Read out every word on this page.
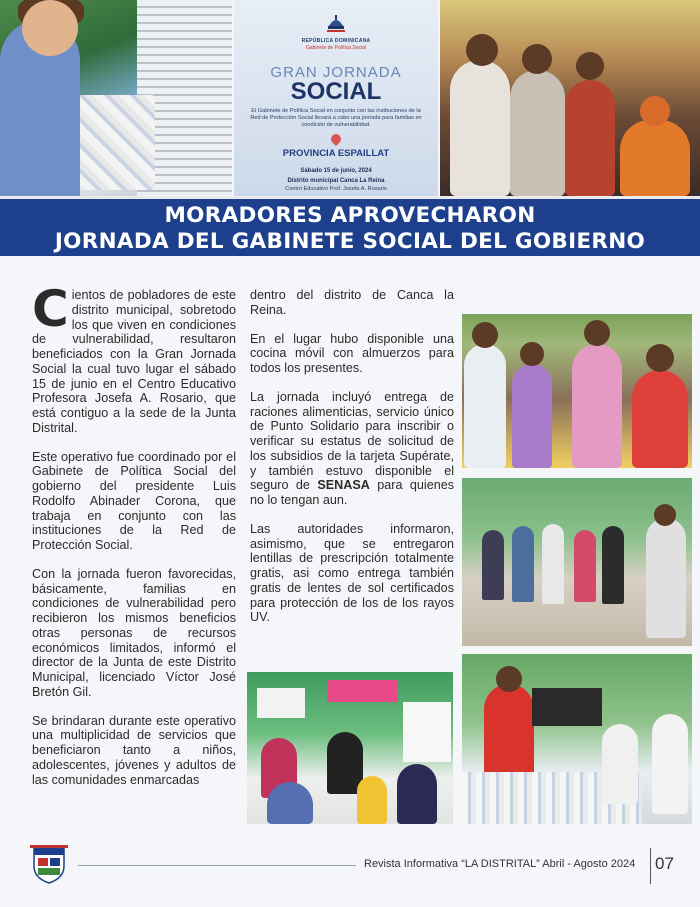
REPÚBLICA DOMINICANA
Gabinete de Política Social
GRAN JORNADA
SOCIAL
El Gabinete de Política Social en conjunto con las instituciones de la Red de Protección Social llevará a cabo una jornada para familias en condición de vulnerabilidad.
PROVINCIA ESPAILLAT
Sábado 15 de junio, 2024
Distrito municipal Canca La Reina
Centro Educativo Prof. Josefa A. Rosario
MORADORES APROVECHARON
JORNADA DEL GABINETE SOCIAL DEL GOBIERNO

Cientos de pobladores de este distrito municipal, sobretodo los que viven en condiciones de vulnerabilidad, resultaron beneficiados con la Gran Jornada Social la cual tuvo lugar el sábado 15 de junio en el Centro Educativo Profesora Josefa A. Rosario, que está contiguo a la sede de la Junta Distrital.

Este operativo fue coordinado por el Gabinete de Política Social del gobierno del presidente Luis Rodolfo Abinader Corona, que trabaja en conjunto con las instituciones de la Red de Protección Social.

Con la jornada fueron favorecidas, básicamente, familias en condiciones de vulnerabilidad pero recibieron los mismos beneficios otras personas de recursos económicos limitados, informó el director de la Junta de este Distrito Municipal, licenciado Víctor José Bretón Gil.

Se brindaran durante este operativo una multiplicidad de servicios que beneficiaron tanto a niños, adolescentes, jóvenes y adultos de las comunidades enmarcadas

dentro del distrito de Canca la Reina.

En el lugar hubo disponible una cocina móvil con almuerzos para todos los presentes.

La jornada incluyó entrega de raciones alimenticias, servicio único de Punto Solidario para inscribir o verificar su estatus de solicitud de los subsidios de la tarjeta Supérate, y también estuvo disponible el seguro de SENASA para quienes no lo tengan aun.

Las autoridades informaron, asimismo, que se entregaron lentillas de prescripción totalmente gratis, asi como entrega también gratis de lentes de sol certificados para protección de los de los rayos UV.

Revista Informativa “LA DISTRITAL” Abril - Agosto 2024 07
